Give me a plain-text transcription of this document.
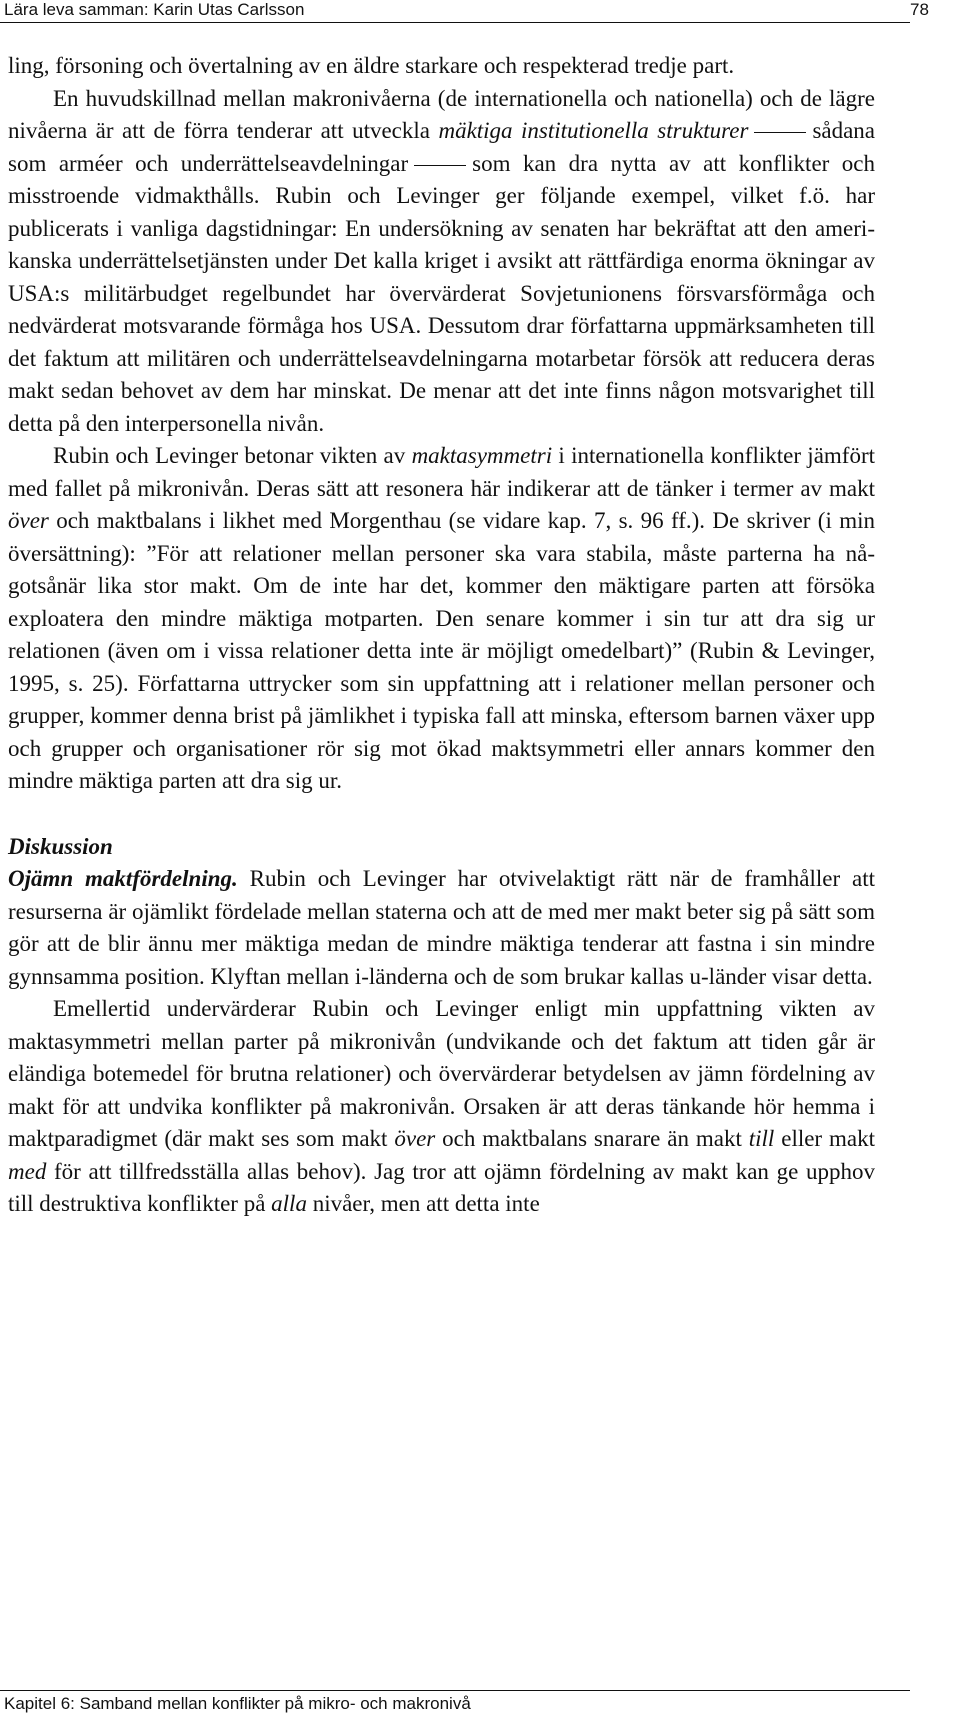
Lära leva samman: Karin Utas Carlsson	78

ling, försoning och övertalning av en äldre starkare och respekterad tredje part.

En huvudskillnad mellan makronivåerna (de internationella och nationella) och de lägre nivåerna är att de förra tenderar att utveckla mäktiga institutionella strukturer	sådana som arméer och underrättelseavdelningar	som kan dra nytta av att konflikter och misstroende vidmakthålls. Rubin och Levinger ger följande exempel, vilket f.ö. har publicerats i vanliga dagstidningar: En undersökning av senaten har bekräftat att den amerikanska underrättelsetjänsten under Det kalla kriget i avsikt att rättfärdiga enorma ökningar av USA:s militärbudget regelbundet har övervärderat Sovjetunionens försvarsförmåga och nedvärderat motsvarande förmåga hos USA. Dessutom drar författarna uppmärksamheten till det faktum att militären och underrättelseavdelningarna motarbetar försök att reducera deras makt sedan behovet av dem har minskat. De menar att det inte finns någon motsvarighet till detta på den interpersonella nivån.

Rubin och Levinger betonar vikten av maktasymmetri i internationella konflikter jämfört med fallet på mikronivån. Deras sätt att resonera här indikerar att de tänker i termer av makt över och maktbalans i likhet med Morgenthau (se vidare kap. 7, s. 96 ff.). De skriver (i min översättning): ”För att relationer mellan personer ska vara stabila, måste parterna ha någotsånär lika stor makt. Om de inte har det, kommer den mäktigare parten att försöka exploatera den mindre mäktiga motparten. Den senare kommer i sin tur att dra sig ur relationen (även om i vissa relationer detta inte är möjligt omedelbart)” (Rubin & Levinger, 1995, s. 25). Författarna uttrycker som sin uppfattning att i relationer mellan personer och grupper, kommer denna brist på jämlikhet i typiska fall att minska, eftersom barnen växer upp och grupper och organisationer rör sig mot ökad maktsymmetri eller annars kommer den mindre mäktiga parten att dra sig ur.

Diskussion

Ojämn maktfördelning. Rubin och Levinger har otvivelaktigt rätt när de framhåller att resurserna är ojämlikt fördelade mellan staterna och att de med mer makt beter sig på sätt som gör att de blir ännu mer mäktiga medan de mindre mäktiga tenderar att fastna i sin mindre gynnsamma position. Klyftan mellan i-länderna och de som brukar kallas u-länder visar detta.

Emellertid undervärderar Rubin och Levinger enligt min uppfattning vikten av maktasymmetri mellan parter på mikronivån (undvikande och det faktum att tiden går är eländiga botemedel för brutna relationer) och övervärderar betydelsen av jämn fördelning av makt för att undvika konflikter på makronivån. Orsaken är att deras tänkande hör hemma i maktparadigmet (där makt ses som makt över och maktbalans snarare än makt till eller makt med för att tillfredsställa allas behov). Jag tror att ojämn fördelning av makt kan ge upphov till destruktiva konflikter på alla nivåer, men att detta inte

Kapitel 6: Samband mellan konflikter på mikro- och makronivå
